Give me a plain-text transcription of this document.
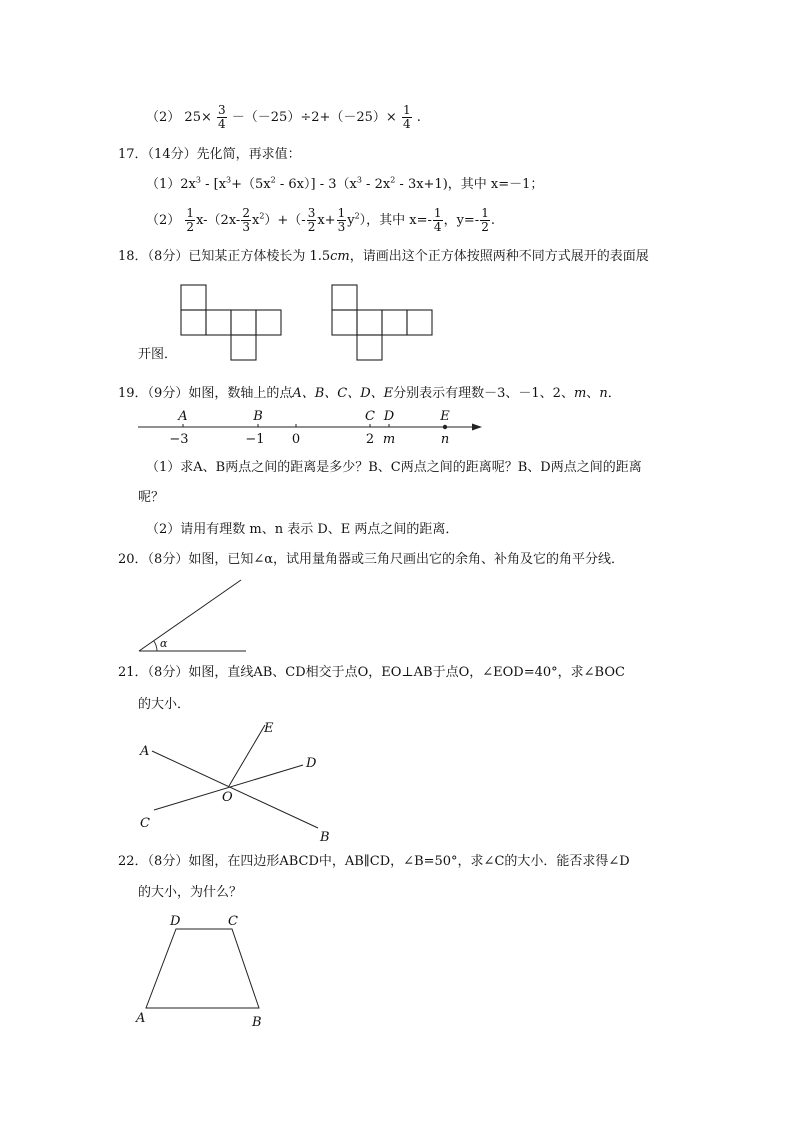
（2） $25\times \frac{3}{4} -(-25)\div 2+(-25)\times \frac{1}{4}$ .
17．（14分）先化简，再求值：
$(1)2x^3 - [x^3+(5x^2 - 6x)] - 3(x^3 - 2x^2 - 3x+1)$，其中 x=－1；
$(2) \frac{1}{2} x-(2x- \frac{2}{3} x^2)+(- \frac{3}{2} x+ \frac{1}{3} y^2)$，其中 $x=- \frac{1}{4}$ ，$y=- \frac{1}{2}$ .
18．（8分）已知某正方体棱长为 1.5cm，请画出这个正方体按照两种不同方式展开的表面展
开图．
19．（9分）如图，数轴上的点A、B、C、D、E分别表示有理数－3、－1、2、m、n．
A	B	C D	E
−3	−1 0	2 m	n
（1）求A、B两点之间的距离是多少？B、C两点之间的距离呢？B、D两点之间的距离
呢？
（2）请用有理数 m、n 表示 D、E 两点之间的距离．
20．（8分）如图，已知∠α，试用量角器或三角尺画出它的余角、补角及它的角平分线．
α
21．（8分）如图，直线AB、CD相交于点O，EO⊥AB于点O，∠EOD=40°，求∠BOC
的大小．
A
B
C
D
E
O
22．（8分）如图，在四边形ABCD中，AB∥CD，∠B=50°，求∠C的大小．能否求得∠D
的大小，为什么？
D	C
A	B
